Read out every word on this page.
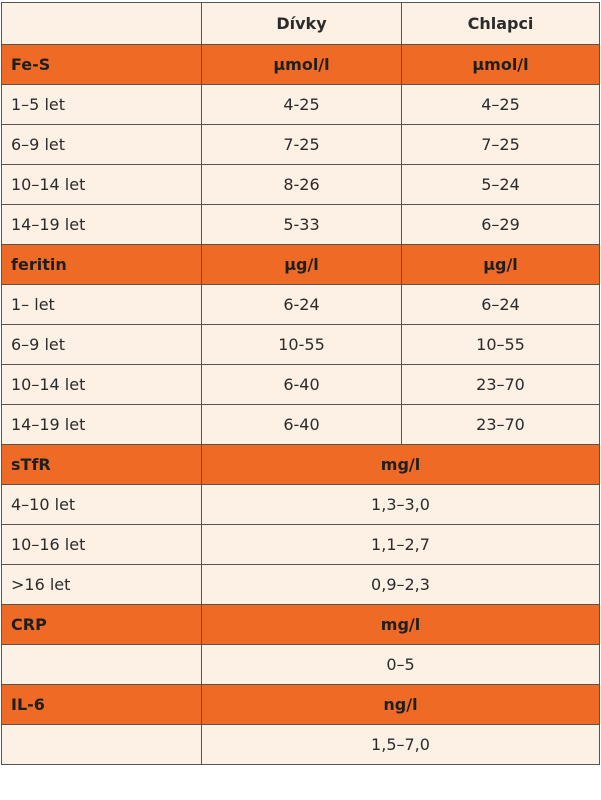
	Dívky	Chlapci
Fe-S	μmol/l	μmol/l
1–5 let	4-25	4–25
6–9 let	7-25	7–25
10–14 let	8-26	5–24
14–19 let	5-33	6–29
feritin	μg/l	μg/l
1– let	6-24	6–24
6–9 let	10-55	10–55
10–14 let	6-40	23–70
14–19 let	6-40	23–70
sTfR	mg/l	
4–10 let	1,3–3,0	
10–16 let	1,1–2,7	
>16 let	0,9–2,3	
CRP	mg/l	
	0–5	
IL-6	ng/l	
	1,5–7,0	
